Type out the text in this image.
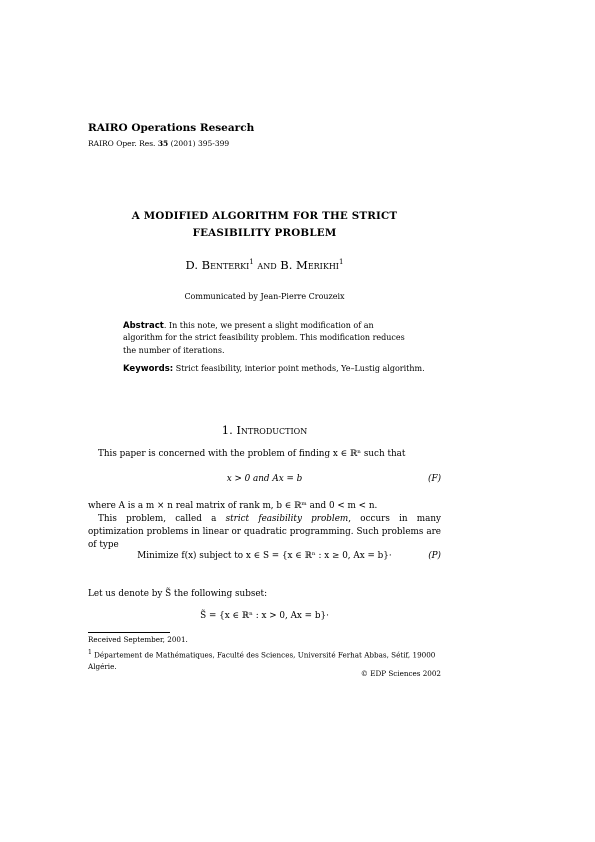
RAIRO Operations Research
RAIRO Oper. Res. 35 (2001) 395-399
A MODIFIED ALGORITHM FOR THE STRICT
FEASIBILITY PROBLEM
D. Benterki$^1$ and B. Merikhi$^1$
Communicated by Jean-Pierre Crouzeix
Abstract. In this note, we present a slight modification of an algorithm for the strict feasibility problem. This modification reduces the number of iterations.
Keywords: Strict feasibility, interior point methods, Ye–Lustig algorithm.
1. Introduction
This paper is concerned with the problem of finding x ∈ ℝⁿ such that
x > 0 and Ax = b	(F)
where A is a m × n real matrix of rank m, b ∈ ℝᵐ and 0 < m < n.
This problem, called a strict feasibility problem, occurs in many optimization problems in linear or quadratic programming. Such problems are of type
Minimize f(x) subject to x ∈ S = {x ∈ ℝⁿ : x ≥ 0, Ax = b}·	(P)
Let us denote by S̃ the following subset:
S̃ = {x ∈ ℝⁿ : x > 0, Ax = b}·
Received September, 2001.
$^1$ Département de Mathématiques, Faculté des Sciences, Université Ferhat Abbas, Sétif, 19000 Algérie.
© EDP Sciences 2002
